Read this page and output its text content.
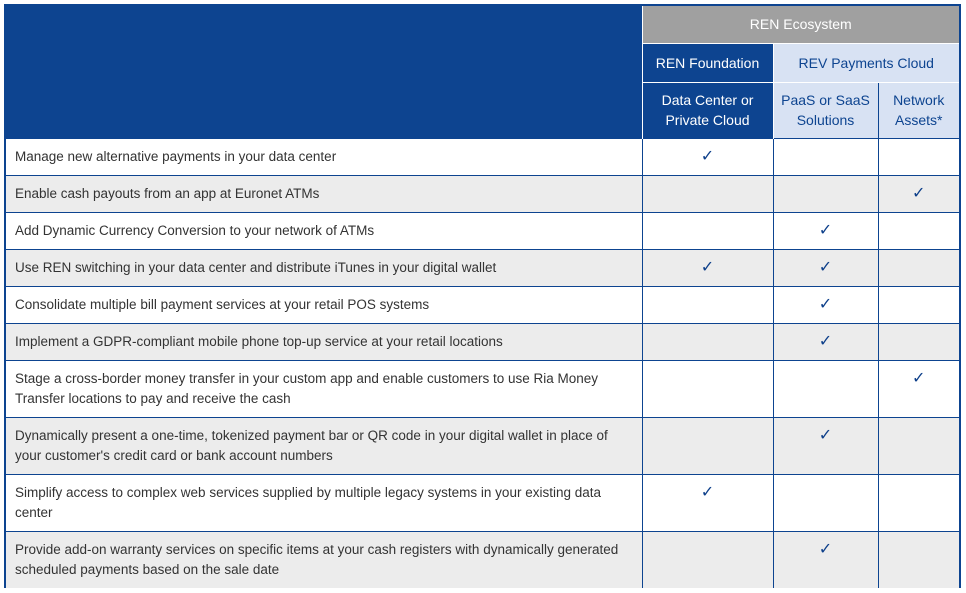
	REN Ecosystem		
	REN Foundation	REV Payments Cloud	

	Data Center or Private Cloud	PaaS or SaaS Solutions	Network Assets*

Manage new alternative payments in your data center	✓		
Enable cash payouts from an app at Euronet ATMs			✓
Add Dynamic Currency Conversion to your network of ATMs		✓	
Use REN switching in your data center and distribute iTunes in your digital wallet	✓	✓	
Consolidate multiple bill payment services at your retail POS systems		✓	
Implement a GDPR-compliant mobile phone top-up service at your retail locations		✓	
Stage a cross-border money transfer in your custom app and enable customers to use Ria Money Transfer locations to pay and receive the cash			✓
Dynamically present a one-time, tokenized payment bar or QR code in your digital wallet in place of your customer's credit card or bank account numbers		✓	
Simplify access to complex web services supplied by multiple legacy systems in your existing data center	✓		
Provide add-on warranty services on specific items at your cash registers with dynamically generated scheduled payments based on the sale date		✓	
